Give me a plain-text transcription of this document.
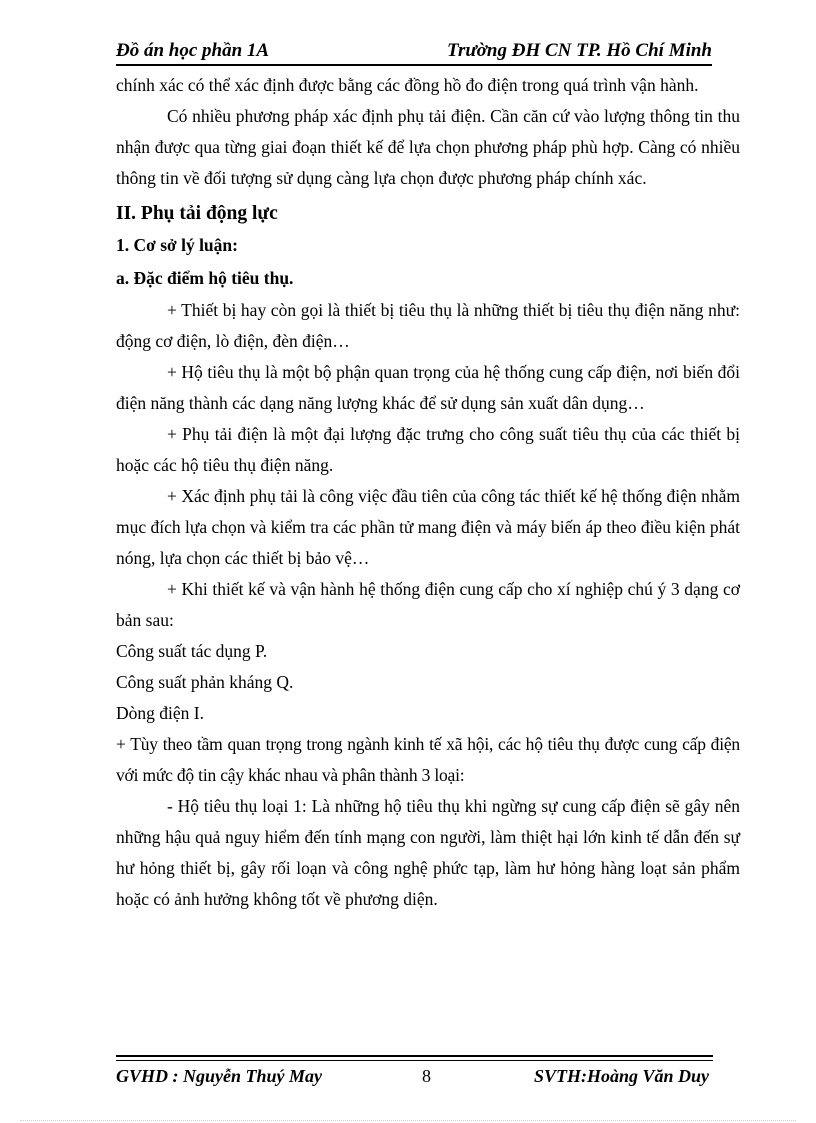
Đồ án học phần 1A	Trường ĐH CN TP. Hồ Chí Minh

chính xác có thể xác định được bằng các đồng hồ đo điện trong quá trình vận hành.

Có nhiều phương pháp xác định phụ tải điện. Cần căn cứ vào lượng thông tin thu nhận được qua từng giai đoạn thiết kế để lựa chọn phương pháp phù hợp. Càng có nhiều thông tin về đối tượng sử dụng càng lựa chọn được phương pháp chính xác.

II. Phụ tải động lực

1. Cơ sở lý luận:

a. Đặc điểm hộ tiêu thụ.

+ Thiết bị hay còn gọi là thiết bị tiêu thụ là những thiết bị tiêu thụ điện năng như: động cơ điện, lò điện, đèn điện…

+ Hộ tiêu thụ là một bộ phận quan trọng của hệ thống cung cấp điện, nơi biến đổi điện năng thành các dạng năng lượng khác để sử dụng sản xuất dân dụng…

+ Phụ tải điện là một đại lượng đặc trưng cho công suất tiêu thụ của các thiết bị hoặc các hộ tiêu thụ điện năng.

+ Xác định phụ tải là công việc đầu tiên của công tác thiết kế hệ thống điện nhằm mục đích lựa chọn và kiểm tra các phần tử mang điện và máy biến áp theo điều kiện phát nóng, lựa chọn các thiết bị bảo vệ…

+ Khi thiết kế và vận hành hệ thống điện cung cấp cho xí nghiệp chú ý 3 dạng cơ bản sau:

Công suất tác dụng P.

Công suất phản kháng Q.

Dòng điện I.

+ Tùy theo tầm quan trọng trong ngành kinh tế xã hội, các hộ tiêu thụ được cung cấp điện với mức độ tin cậy khác nhau và phân thành 3 loại:

- Hộ tiêu thụ loại 1: Là những hộ tiêu thụ khi ngừng sự cung cấp điện sẽ gây nên những hậu quả nguy hiểm đến tính mạng con người, làm thiệt hại lớn kinh tế dẫn đến sự hư hỏng thiết bị, gây rối loạn và công nghệ phức tạp, làm hư hỏng hàng loạt sản phẩm hoặc có ảnh hưởng không tốt về phương diện.

GVHD : Nguyễn Thuý May	8	SVTH:Hoàng Văn Duy
